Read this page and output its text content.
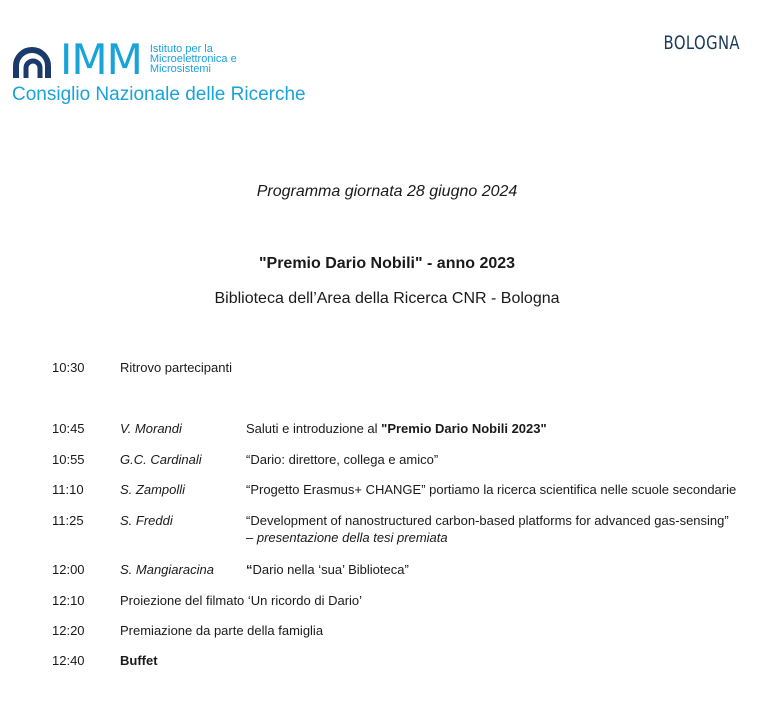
IMM Istituto per la
Microelettronica e
Microsistemi
Consiglio Nazionale delle Ricerche
BOLOGNA
Programma giornata 28 giugno 2024
"Premio Dario Nobili" - anno 2023
Biblioteca dell’Area della Ricerca CNR - Bologna
10:30	Ritrovo partecipanti
10:45	V. Morandi	Saluti e introduzione al "Premio Dario Nobili 2023"
10:55	G.C. Cardinali	“Dario: direttore, collega e amico”
11:10	S. Zampolli	“Progetto Erasmus+ CHANGE” portiamo la ricerca scientifica nelle scuole secondarie
11:25	S. Freddi	“Development of nanostructured carbon-based platforms for advanced gas-sensing”
– presentazione della tesi premiata
12:00	S. Mangiaracina “Dario nella ‘sua’ Biblioteca”
12:10	Proiezione del filmato ‘Un ricordo di Dario’
12:20	Premiazione da parte della famiglia
12:40	Buffet
